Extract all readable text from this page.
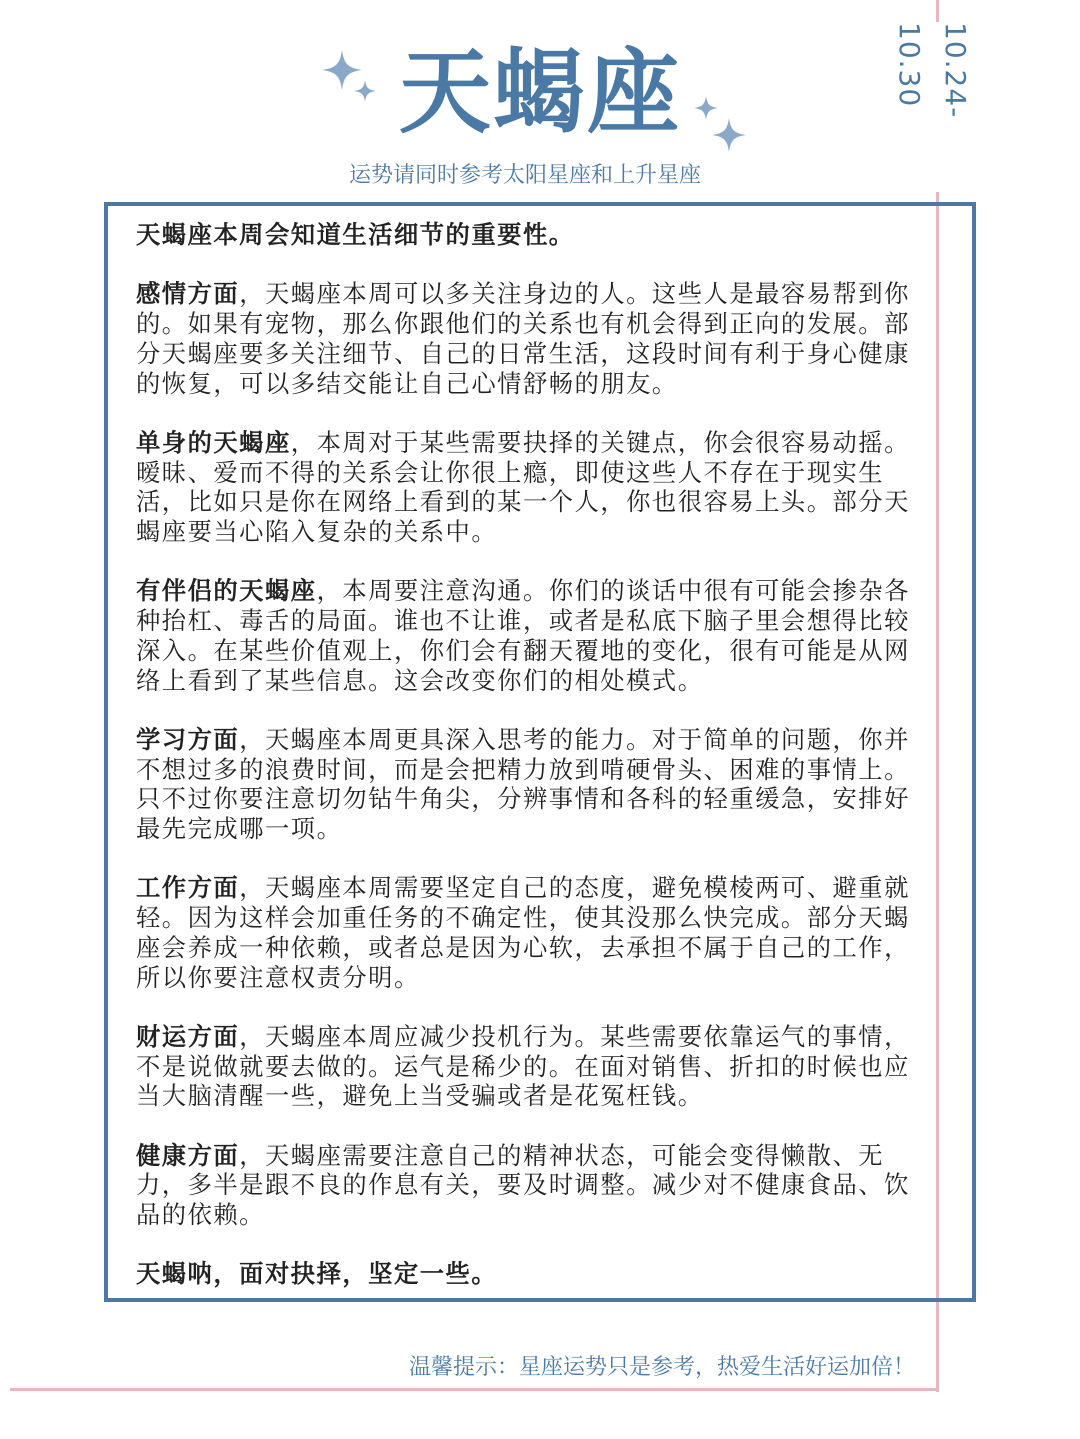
天蝎座
运势请同时参考太阳星座和上升星座
10.24-10.30

天蝎座本周会知道生活细节的重要性。

感情方面，天蝎座本周可以多关注身边的人。这些人是最容易帮到你的。如果有宠物，那么你跟他们的关系也有机会得到正向的发展。部分天蝎座要多关注细节、自己的日常生活，这段时间有利于身心健康的恢复，可以多结交能让自己心情舒畅的朋友。

单身的天蝎座，本周对于某些需要抉择的关键点，你会很容易动摇。暧昧、爱而不得的关系会让你很上瘾，即使这些人不存在于现实生活，比如只是你在网络上看到的某一个人，你也很容易上头。部分天蝎座要当心陷入复杂的关系中。

有伴侣的天蝎座，本周要注意沟通。你们的谈话中很有可能会掺杂各种抬杠、毒舌的局面。谁也不让谁，或者是私底下脑子里会想得比较深入。在某些价值观上，你们会有翻天覆地的变化，很有可能是从网络上看到了某些信息。这会改变你们的相处模式。

学习方面，天蝎座本周更具深入思考的能力。对于简单的问题，你并不想过多的浪费时间，而是会把精力放到啃硬骨头、困难的事情上。只不过你要注意切勿钻牛角尖，分辨事情和各科的轻重缓急，安排好最先完成哪一项。

工作方面，天蝎座本周需要坚定自己的态度，避免模棱两可、避重就轻。因为这样会加重任务的不确定性，使其没那么快完成。部分天蝎座会养成一种依赖，或者总是因为心软，去承担不属于自己的工作，所以你要注意权责分明。

财运方面，天蝎座本周应减少投机行为。某些需要依靠运气的事情，不是说做就要去做的。运气是稀少的。在面对销售、折扣的时候也应当大脑清醒一些，避免上当受骗或者是花冤枉钱。

健康方面，天蝎座需要注意自己的精神状态，可能会变得懒散、无力，多半是跟不良的作息有关，要及时调整。减少对不健康食品、饮品的依赖。

天蝎呐，面对抉择，坚定一些。

温馨提示：星座运势只是参考，热爱生活好运加倍！
